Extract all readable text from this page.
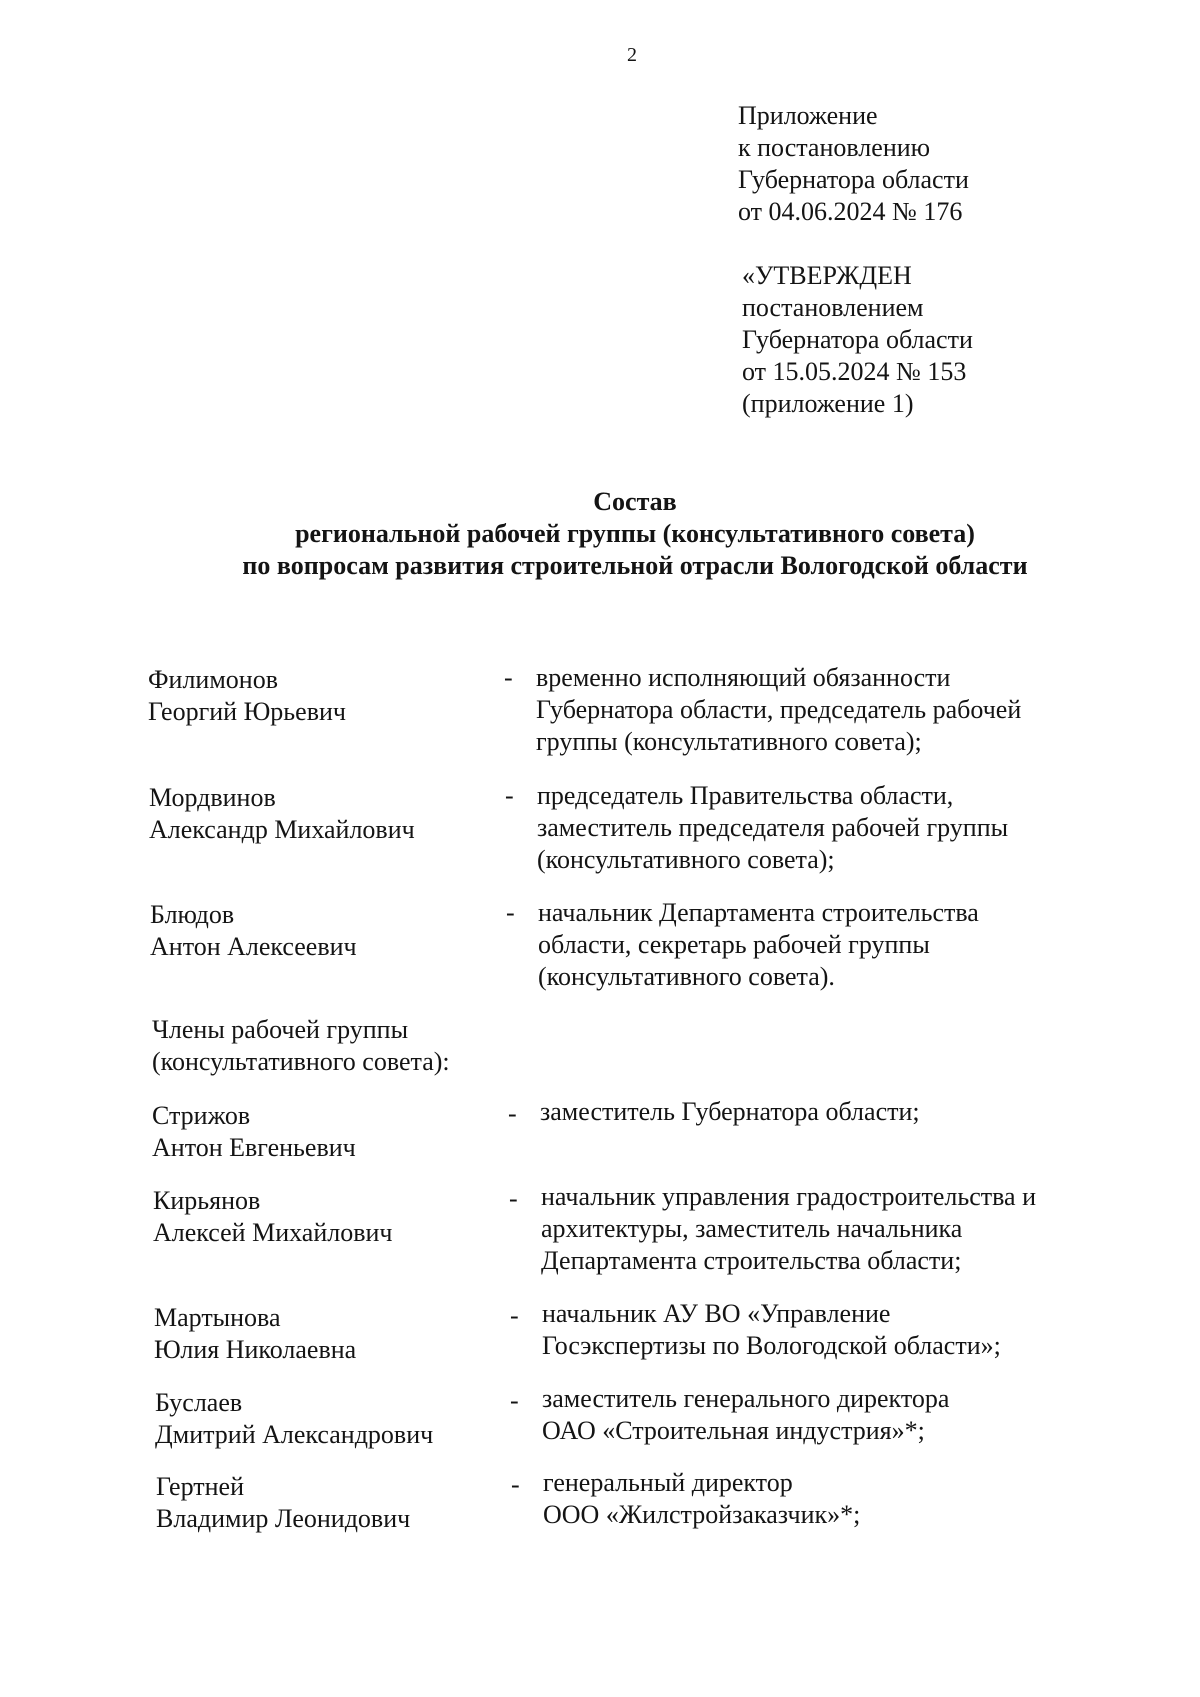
2
Приложение
к постановлению
Губернатора области
от 04.06.2024 № 176
«УТВЕРЖДЕН
постановлением
Губернатора области
от 15.05.2024 № 153
(приложение 1)
Состав
региональной рабочей группы (консультативного совета)
по вопросам развития строительной отрасли Вологодской области
Филимонов
Георгий Юрьевич
- временно исполняющий обязанности
Губернатора области, председатель рабочей
группы (консультативного совета);
Мордвинов
Александр Михайлович
- председатель Правительства области,
заместитель председателя рабочей группы
(консультативного совета);
Блюдов
Антон Алексеевич
- начальник Департамента строительства
области, секретарь рабочей группы
(консультативного совета).
Члены рабочей группы
(консультативного совета):
Стрижов
Антон Евгеньевич
- заместитель Губернатора области;
Кирьянов
Алексей Михайлович
- начальник управления градостроительства и
архитектуры, заместитель начальника
Департамента строительства области;
Мартынова
Юлия Николаевна
- начальник АУ ВО «Управление
Госэкспертизы по Вологодской области»;
Буслаев
Дмитрий Александрович
- заместитель генерального директора
ОАО «Строительная индустрия»*;
Гертней
Владимир Леонидович
- генеральный директор
ООО «Жилстройзаказчик»*;
